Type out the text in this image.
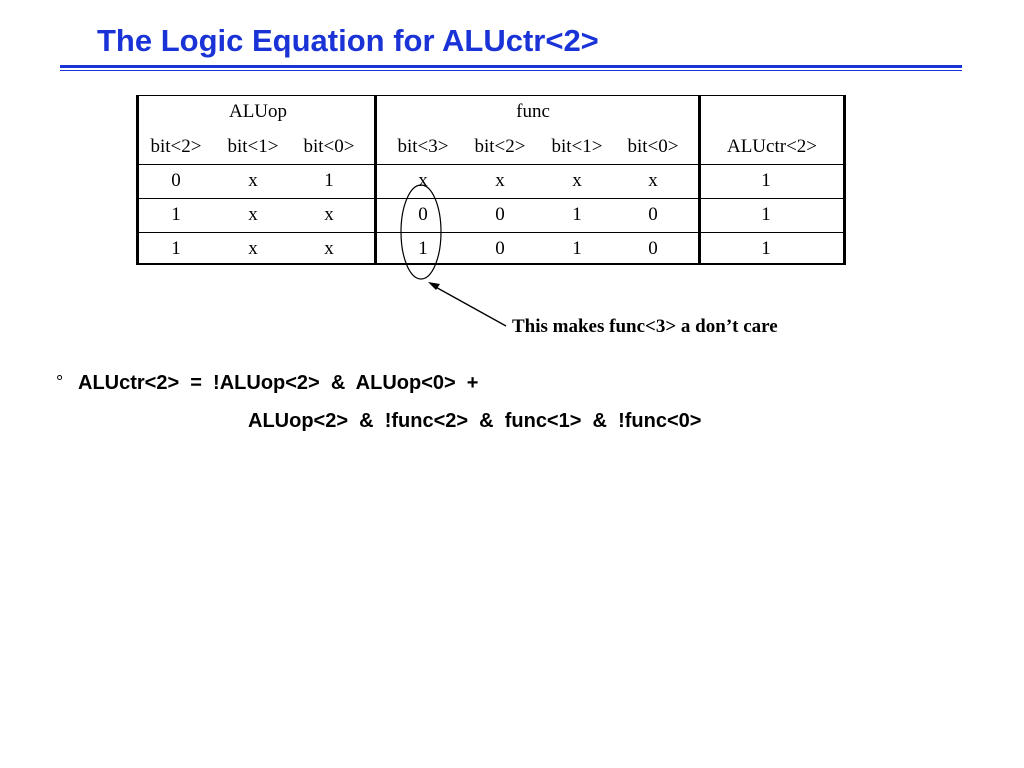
The Logic Equation for ALUctr<2>
ALUop	func
bit<2> bit<1> bit<0> bit<3> bit<2> bit<1> bit<0>	ALUctr<2>
0	x	1	x	x	x	x	1
1	x	x	0	0	1	0	1
1	x	x	1	0	1	0	1
This makes func<3> a don’t care
° ALUctr<2>  =  !ALUop<2>  &  ALUop<0>  +
ALUop<2>  &  !func<2>  &  func<1>  &  !func<0>
